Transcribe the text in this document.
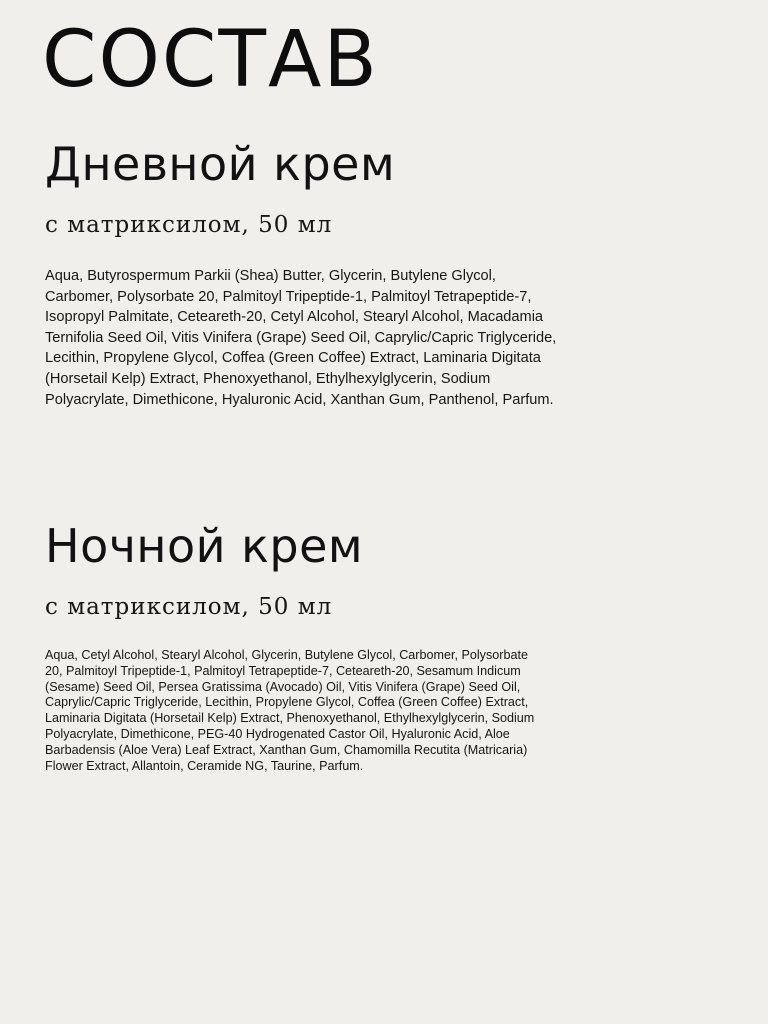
СОСТАВ
Дневной крем

с матриксилом, 50 мл

Aqua, Butyrospermum Parkii (Shea) Butter, Glycerin, Butylene Glycol, Carbomer, Polysorbate 20, Palmitoyl Tripeptide-1, Palmitoyl Tetrapeptide-7, Isopropyl Palmitate, Ceteareth-20, Cetyl Alcohol, Stearyl Alcohol, Macadamia Ternifolia Seed Oil, Vitis Vinifera (Grape) Seed Oil, Caprylic/Capric Triglyceride, Lecithin, Propylene Glycol, Coffea (Green Coffee) Extract, Laminaria Digitata (Horsetail Kelp) Extract, Phenoxyethanol, Ethylhexylglycerin, Sodium Polyacrylate, Dimethicone, Hyaluronic Acid, Xanthan Gum, Panthenol, Parfum.

Ночной крем

с матриксилом, 50 мл

Aqua, Cetyl Alcohol, Stearyl Alcohol, Glycerin, Butylene Glycol, Carbomer, Polysorbate 20, Palmitoyl Tripeptide-1, Palmitoyl Tetrapeptide-7, Ceteareth-20, Sesamum Indicum (Sesame) Seed Oil, Persea Gratissima (Avocado) Oil, Vitis Vinifera (Grape) Seed Oil, Caprylic/Capric Triglyceride, Lecithin, Propylene Glycol, Coffea (Green Coffee) Extract, Laminaria Digitata (Horsetail Kelp) Extract, Phenoxyethanol, Ethylhexylglycerin, Sodium Polyacrylate, Dimethicone, PEG-40 Hydrogenated Castor Oil, Hyaluronic Acid, Aloe Barbadensis (Aloe Vera) Leaf Extract, Xanthan Gum, Chamomilla Recutita (Matricaria) Flower Extract, Allantoin, Ceramide NG, Taurine, Parfum.
